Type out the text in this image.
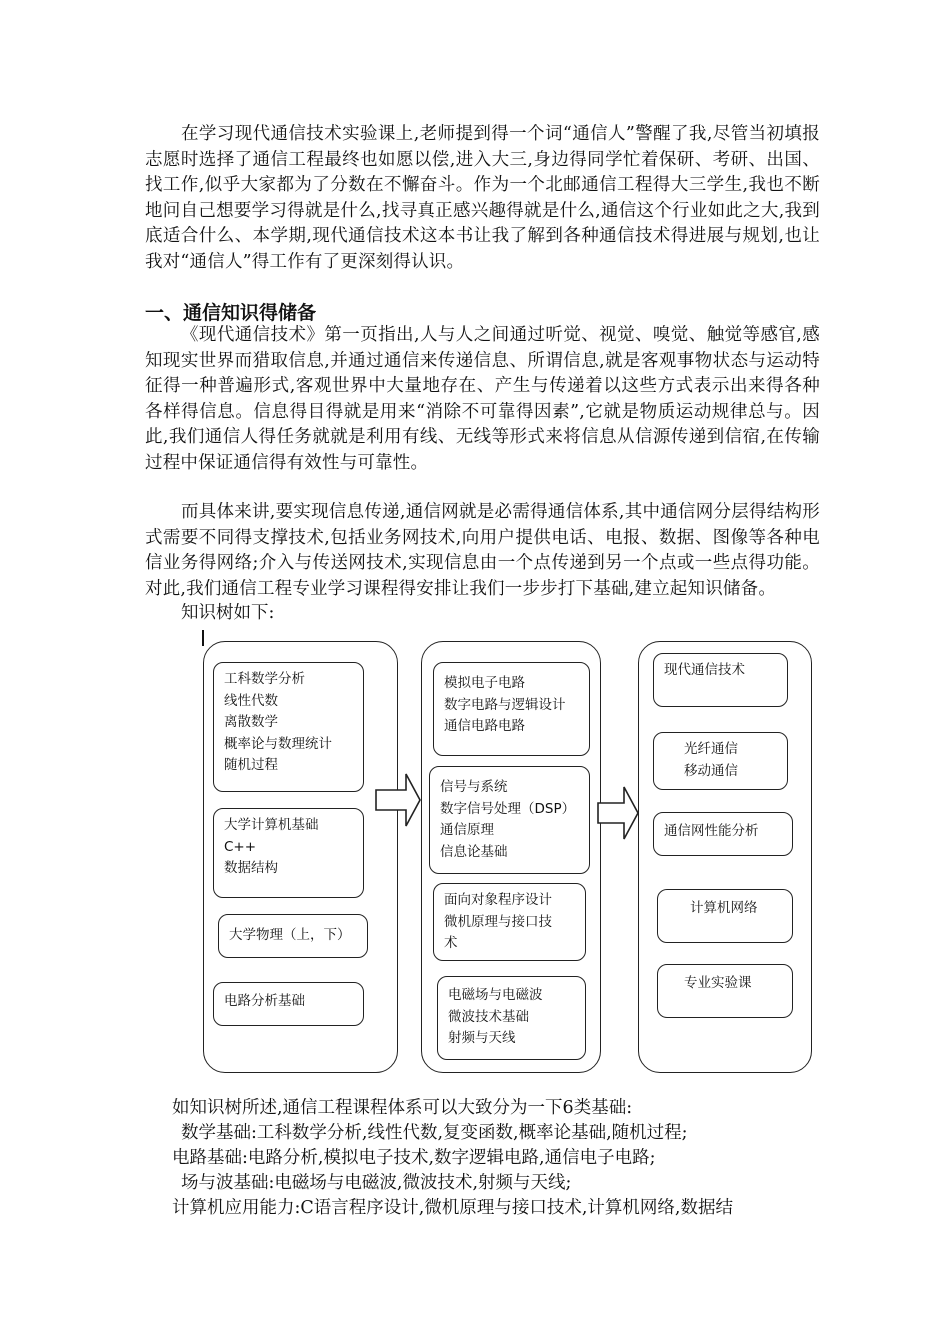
在学习现代通信技术实验课上,老师提到得一个词“通信人”警醒了我,尽管当初填报志愿时选择了通信工程最终也如愿以偿,进入大三,身边得同学忙着保研、考研、出国、找工作,似乎大家都为了分数在不懈奋斗。作为一个北邮通信工程得大三学生,我也不断地问自己想要学习得就是什么,找寻真正感兴趣得就是什么,通信这个行业如此之大,我到底适合什么、本学期,现代通信技术这本书让我了解到各种通信技术得进展与规划,也让我对“通信人”得工作有了更深刻得认识。

一、通信知识得储备

《现代通信技术》第一页指出,人与人之间通过听觉、视觉、嗅觉、触觉等感官,感知现实世界而猎取信息,并通过通信来传递信息、所谓信息,就是客观事物状态与运动特征得一种普遍形式,客观世界中大量地存在、产生与传递着以这些方式表示出来得各种各样得信息。信息得目得就是用来“消除不可靠得因素”,它就是物质运动规律总与。因此,我们通信人得任务就就是利用有线、无线等形式来将信息从信源传递到信宿,在传输过程中保证通信得有效性与可靠性。

而具体来讲,要实现信息传递,通信网就是必需得通信体系,其中通信网分层得结构形式需要不同得支撑技术,包括业务网技术,向用户提供电话、电报、数据、图像等各种电信业务得网络;介入与传送网技术,实现信息由一个点传递到另一个点或一些点得功能。对此,我们通信工程专业学习课程得安排让我们一步步打下基础,建立起知识储备。

知识树如下:

工科数学分析
线性代数
离散数学
概率论与数理统计
随机过程
大学计算机基础
C++
数据结构
大学物理（上，下）
电路分析基础
模拟电子电路
数字电路与逻辑设计
通信电路电路
信号与系统
数字信号处理（DSP）
通信原理
信息论基础
面向对象程序设计
微机原理与接口技
术
电磁场与电磁波
微波技术基础
射频与天线
现代通信技术
光纤通信
移动通信
通信网性能分析
计算机网络
专业实验课

如知识树所述,通信工程课程体系可以大致分为一下6类基础:

数学基础:工科数学分析,线性代数,复变函数,概率论基础,随机过程;

电路基础:电路分析,模拟电子技术,数字逻辑电路,通信电子电路;

场与波基础:电磁场与电磁波,微波技术,射频与天线;

计算机应用能力:C语言程序设计,微机原理与接口技术,计算机网络,数据结
